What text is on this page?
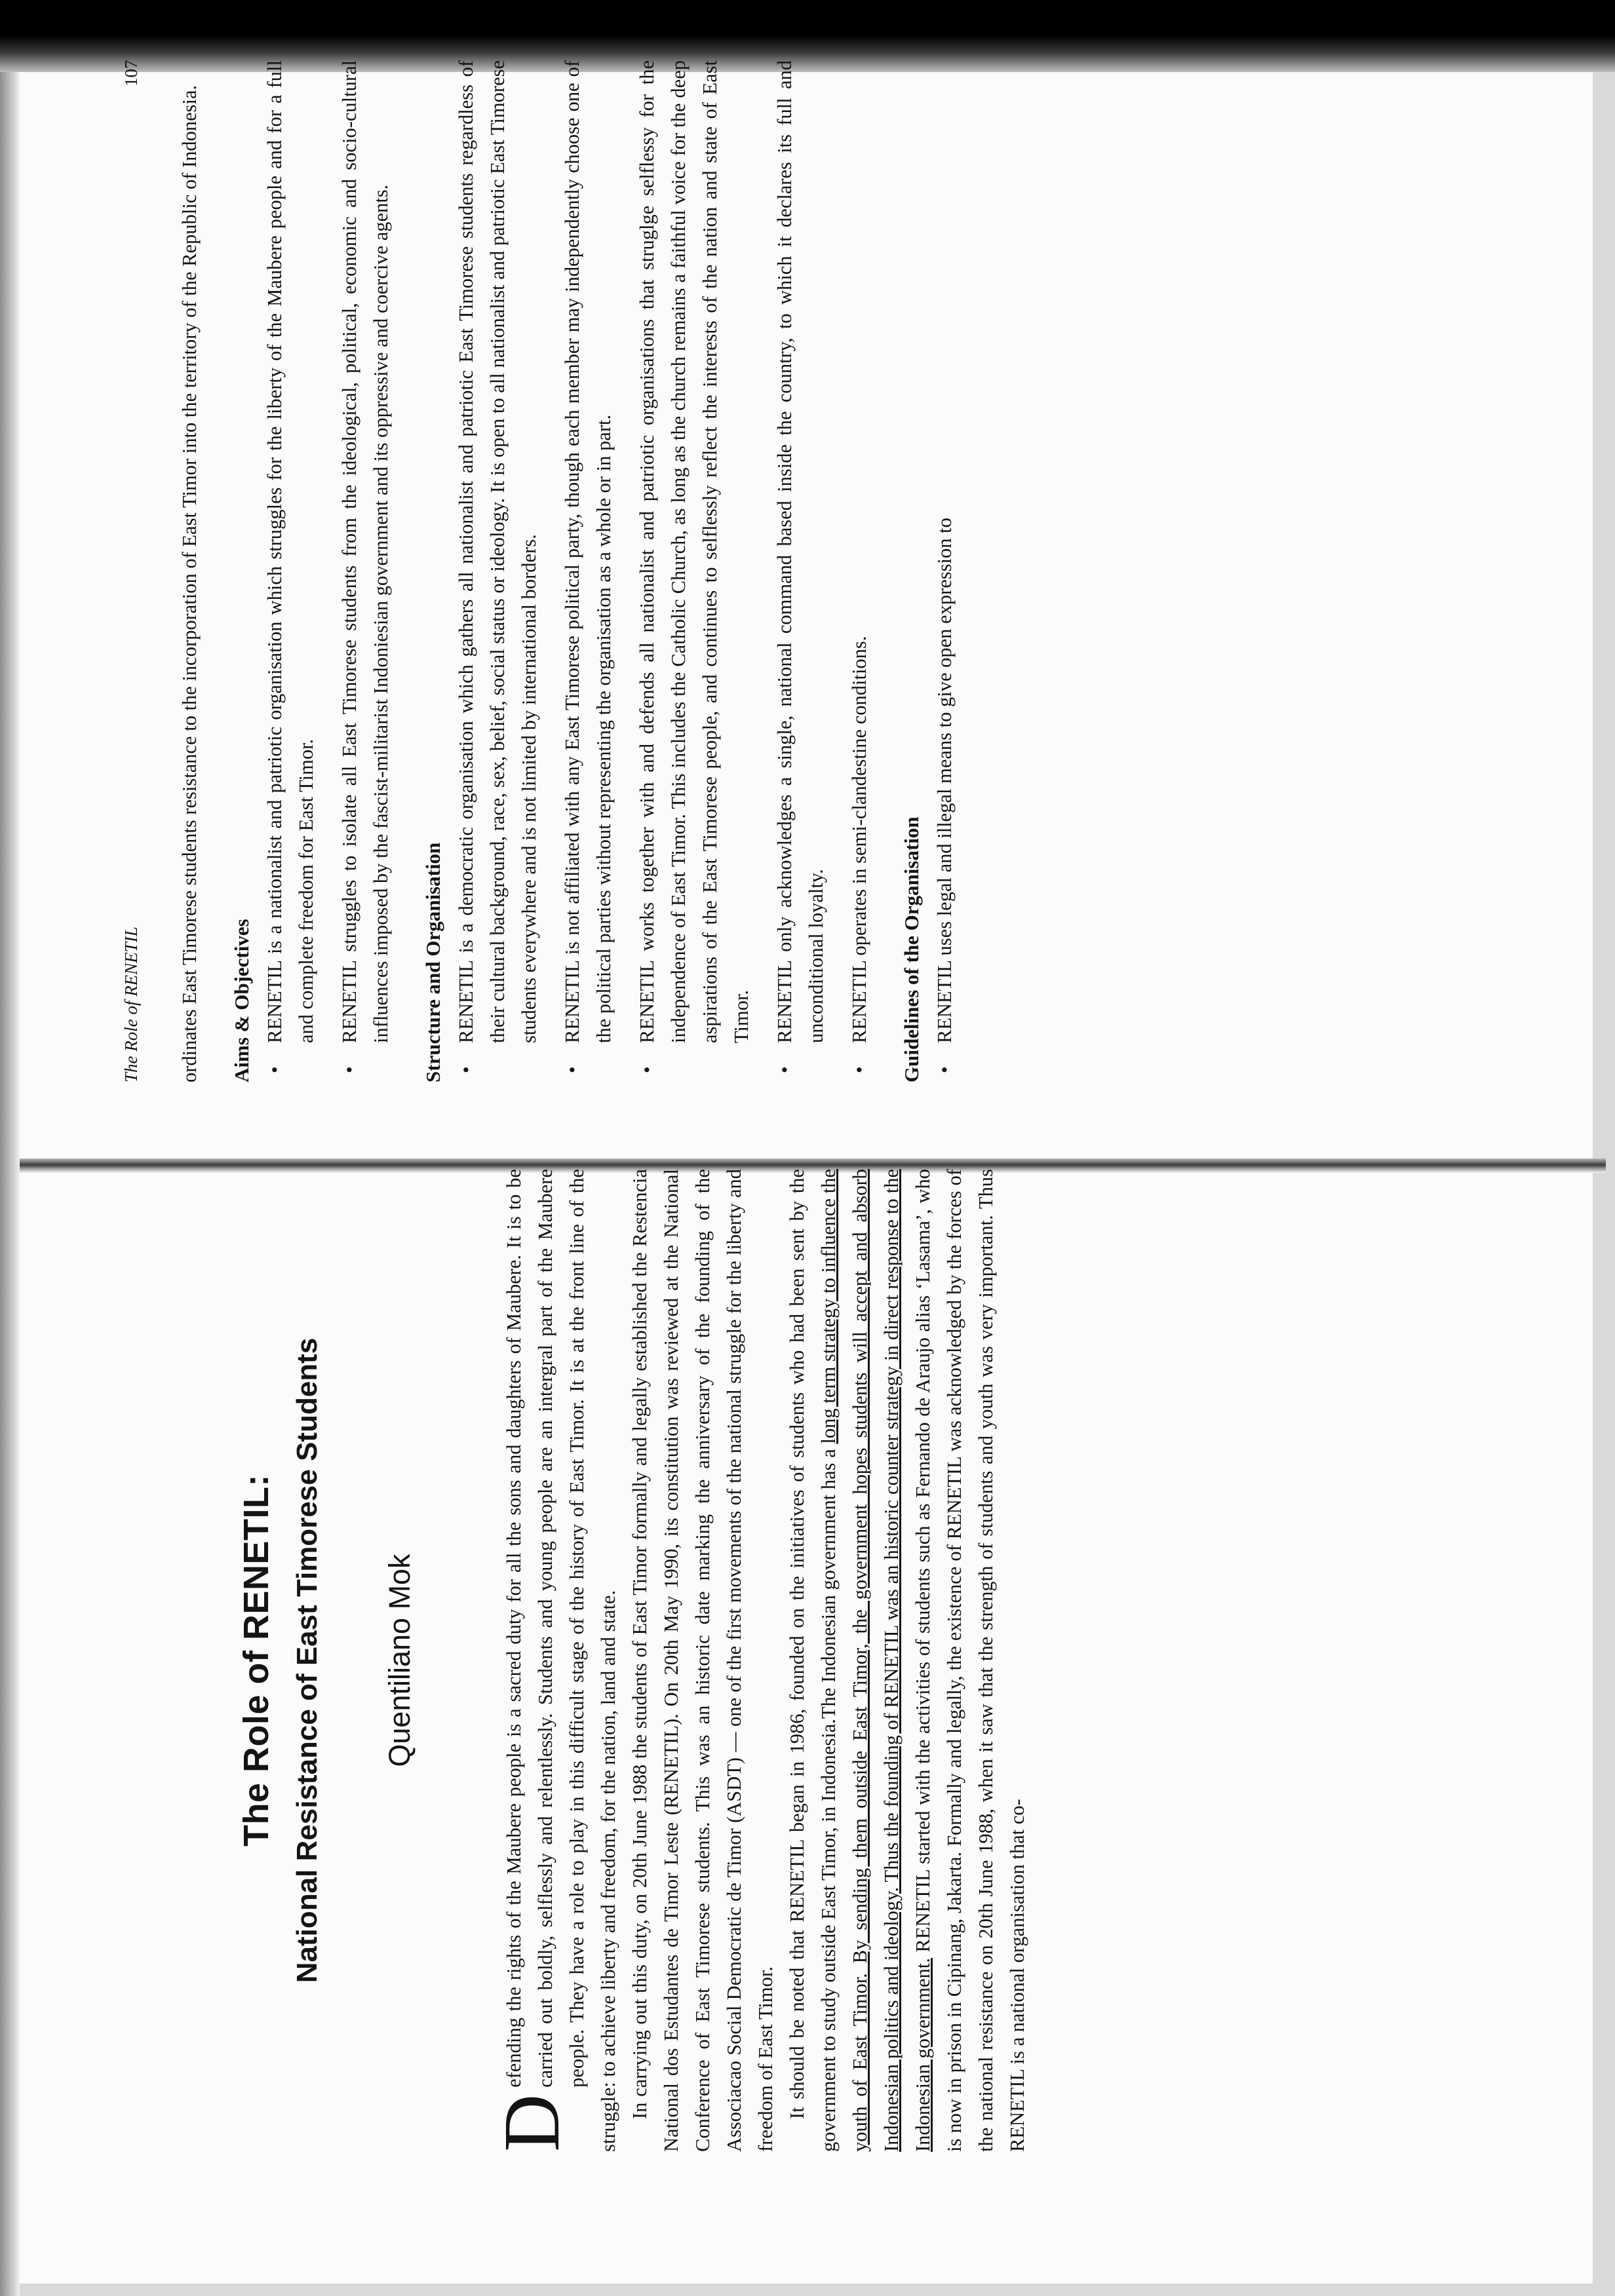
The Role of RENETIL: National Resistance of East Timorese Students Quentiliano Mok

D
efending the rights of the Maubere people is a sacred duty for all the sons and daughters of Maubere. It is to be carried out boldly, selflessly and relentlessly. Students and young people are an intergral part of the Maubere people. They have a role to play in this difficult stage of the history of East Timor. It is at the front line of the struggle: to achieve liberty and freedom, for the nation, land and state. In carrying out this duty, on 20th June 1988 the students of East Timor formally and legally established the Restencia National dos Estudantes de Timor Leste (RENETIL). On 20th May 1990, its constitution was reviewed at the National Conference of East Timorese students. This was an historic date marking the anniversary of the founding of the Associacao Social Democratic de Timor (ASDT) — one of the first movements of the national struggle for the liberty and freedom of East Timor. It should be noted that RENETIL began in 1986, founded on the initiatives of students who had been sent by the government to study outside East Timor, in Indonesia.The Indonesian government has a long term strategy to influence the youth of East Timor. By sending them outside East Timor, the government hopes students will accept and absorb Indonesian politics and ideology. Thus the founding of RENETIL was an historic counter strategy in direct response to the Indonesian government. RENETIL started with the activities of students such as Fernando de Araujo alias ‘Lasama’, who is now in prison in Cipinang, Jakarta. Formally and legally, the existence of RENETIL was acknowledged by the forces of the national resistance on 20th June 1988, when it saw that the strength of students and youth was very important. Thus RENETIL is a national organisation that co-

The Role of RENETIL
107

ordinates East Timorese students resistance to the incorporation of East Timor into the territory of the Republic of Indonesia. Aims & Objectives •
RENETIL is a nationalist and patriotic organisation which struggles for the liberty of the Maubere people and for a full and complete freedom for East Timor.
•
RENETIL struggles to isolate all East Timorese students from the ideological, political, economic and socio-cultural influences imposed by the fascist-militarist Indoniesian government and its oppressive and coercive agents. Structure and Organisation •
RENETIL is a democratic organisation which gathers all nationalist and patriotic East Timorese students regardless of their cultural background, race, sex, belief, social status or ideology. It is open to all nationalist and patriotic East Timorese students everywhere and is not limited by international borders.
•
RENETIL is not affiliated with any East Timorese political party, though each member may independently choose one of the political parties without representing the organisation as a whole or in part.
•
RENETIL works together with and defends all nationalist and patriotic organisations that struglge selflessy for the independence of East Timor. This includes the Catholic Church, as long as the church remains a faithful voice for the deep aspirations of the East Timorese people, and continues to selflessly reflect the interests of the nation and state of East Timor.
•
RENETIL only acknowledges a single, national command based inside the country, to which it declares its full and unconditional loyalty.
•
RENETIL operates in semi-clandestine conditions. Guidelines of the Organisation •
RENETIL uses legal and illegal means to give open expression to
